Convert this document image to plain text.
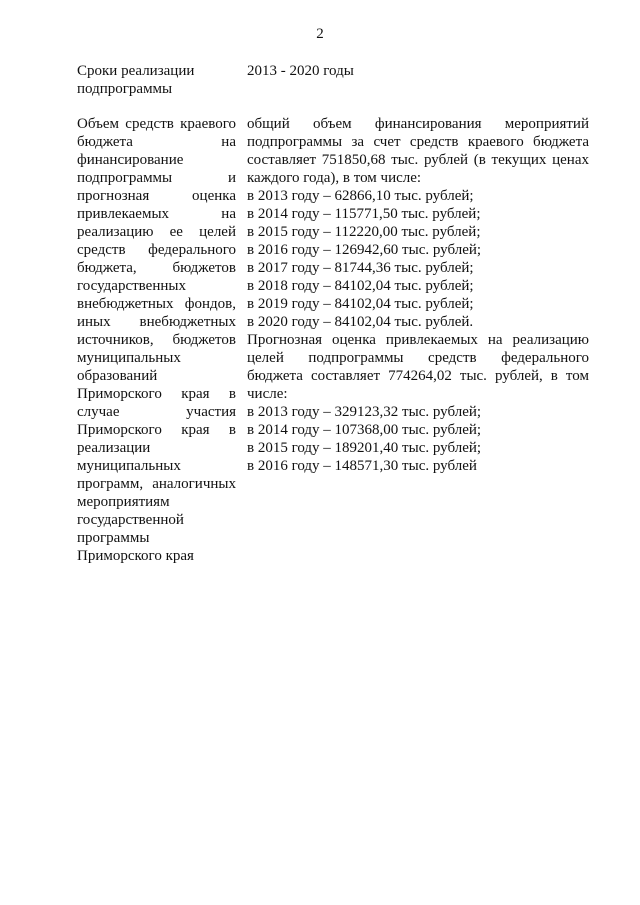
2
Сроки реализации
подпрограммы
2013 - 2020 годы
Объем средств краевого
бюджета на
финансирование
подпрограммы и
прогнозная оценка
привлекаемых на
реализацию ее целей
средств федерального
бюджета, бюджетов
государственных
внебюджетных фондов,
иных внебюджетных
источников, бюджетов
муниципальных
образований
Приморского края в
случае участия
Приморского края в
реализации
муниципальных
программ, аналогичных
мероприятиям
государственной
программы
Приморского края
общий объем финансирования мероприятий
подпрограммы за счет средств краевого бюджета
составляет 751850,68 тыс. рублей (в текущих ценах
каждого года), в том числе:
в 2013 году – 62866,10 тыс. рублей;
в 2014 году – 115771,50 тыс. рублей;
в 2015 году – 112220,00 тыс. рублей;
в 2016 году – 126942,60 тыс. рублей;
в 2017 году – 81744,36 тыс. рублей;
в 2018 году – 84102,04 тыс. рублей;
в 2019 году – 84102,04 тыс. рублей;
в 2020 году – 84102,04 тыс. рублей.
Прогнозная оценка привлекаемых на реализацию
целей подпрограммы средств федерального
бюджета составляет 774264,02 тыс. рублей, в том
числе:
в 2013 году – 329123,32 тыс. рублей;
в 2014 году – 107368,00 тыс. рублей;
в 2015 году – 189201,40 тыс. рублей;
в 2016 году – 148571,30 тыс. рублей
